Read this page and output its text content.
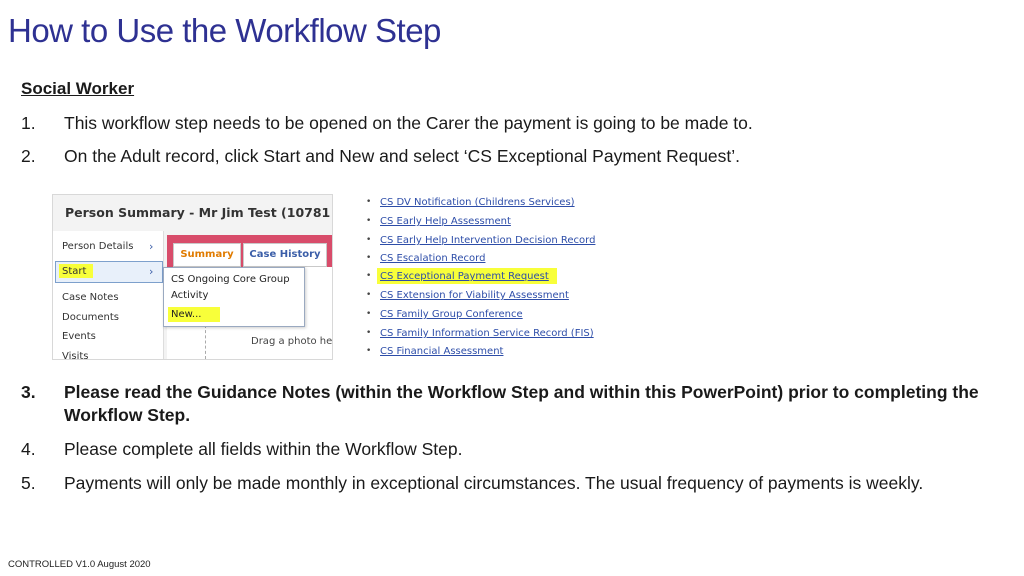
How to Use the Workflow Step
Social Worker
1. This workflow step needs to be opened on the Carer the payment is going to be made to.
2. On the Adult record, click Start and New and select ‘CS Exceptional Payment Request’.
Person Summary - Mr Jim Test (10781
Person Details ›
Start	›
Case Notes
Documents
Events
Visits
Summary	Case History
for
CS Ongoing Core Group
Activity
New...
Drag a photo he
• CS DV Notification (Childrens Services)
• CS Early Help Assessment
• CS Early Help Intervention Decision Record
• CS Escalation Record
• CS Exceptional Paymemt Request
• CS Extension for Viability Assessment
• CS Family Group Conference
• CS Family Information Service Record (FIS)
• CS Financial Assessment
3. Please read the Guidance Notes (within the Workflow Step and within this PowerPoint) prior to completing the Workflow Step.
4. Please complete all fields within the Workflow Step.
5. Payments will only be made monthly in exceptional circumstances. The usual frequency of payments is weekly.
CONTROLLED V1.0 August 2020
